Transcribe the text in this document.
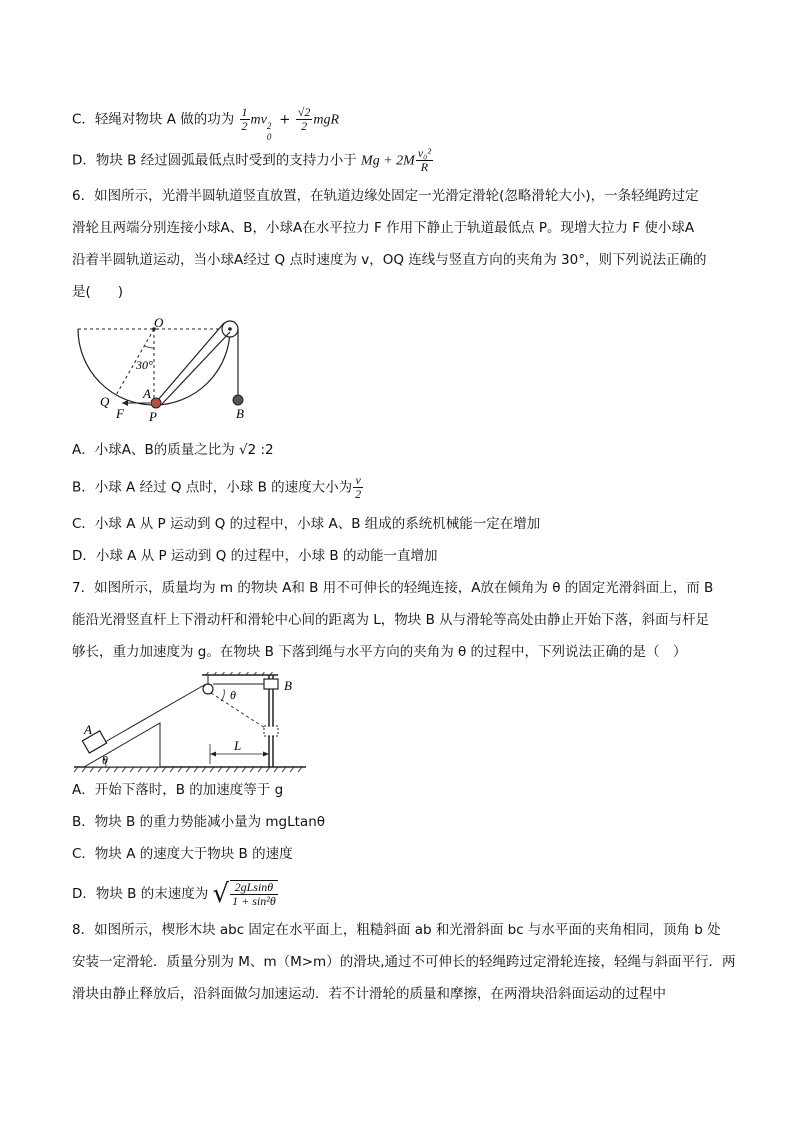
C．轻绳对物块 A 做的功为 $\frac{1}{2}$ mv 2
0
+ $\frac{√2}{2}$ mgR
D．物块 B 经过圆弧最低点时受到的支持力小于 $Mg + 2M \frac{\text{v₀²}}{R}$
6．如图所示，光滑半圆轨道竖直放置，在轨道边缘处固定一光滑定滑轮(忽略滑轮大小)，一条轻绳跨过定
滑轮且两端分别连接小球A、B，小球A在水平拉力 F 作用下静止于轨道最低点 P。现增大拉力 F 使小球A
沿着半圆轨道运动，当小球A经过 Q 点时速度为 v，OQ 连线与竖直方向的夹角为 30°，则下列说法正确的
是(　　)
O
30°
A
Q
F P	B
A．小球A、B的质量之比为 √2 :2
B．小球 A 经过 Q 点时，小球 B 的速度大小为 $\frac{v}{2}$
C．小球 A 从 P 运动到 Q 的过程中，小球 A、B 组成的系统机械能一定在增加
D．小球 A 从 P 运动到 Q 的过程中，小球 B 的动能一直增加
7．如图所示，质量均为 m 的物块 A和 B 用不可伸长的轻绳连接，A放在倾角为 θ 的固定光滑斜面上，而 B
能沿光滑竖直杆上下滑动杆和滑轮中心间的距离为 L，物块 B 从与滑轮等高处由静止开始下落，斜面与杆足
够长，重力加速度为 g。在物块 B 下落到绳与水平方向的夹角为 θ 的过程中，下列说法正确的是（　）
A
θ
θ
B
L
A．开始下落时，B 的加速度等于 g
B．物块 B 的重力势能减小量为 mgLtanθ
C．物块 A 的速度大于物块 B 的速度
D．物块 B 的末速度为 √ $\frac{2gLsin\theta}{\text{1 + sin²θ}}$
8．如图所示，楔形木块 abc 固定在水平面上，粗糙斜面 ab 和光滑斜面 bc 与水平面的夹角相同，顶角 b 处
安装一定滑轮．质量分别为 M、m（M>m）的滑块,通过不可伸长的轻绳跨过定滑轮连接，轻绳与斜面平行．两
滑块由静止释放后，沿斜面做匀加速运动．若不计滑轮的质量和摩擦，在两滑块沿斜面运动的过程中
